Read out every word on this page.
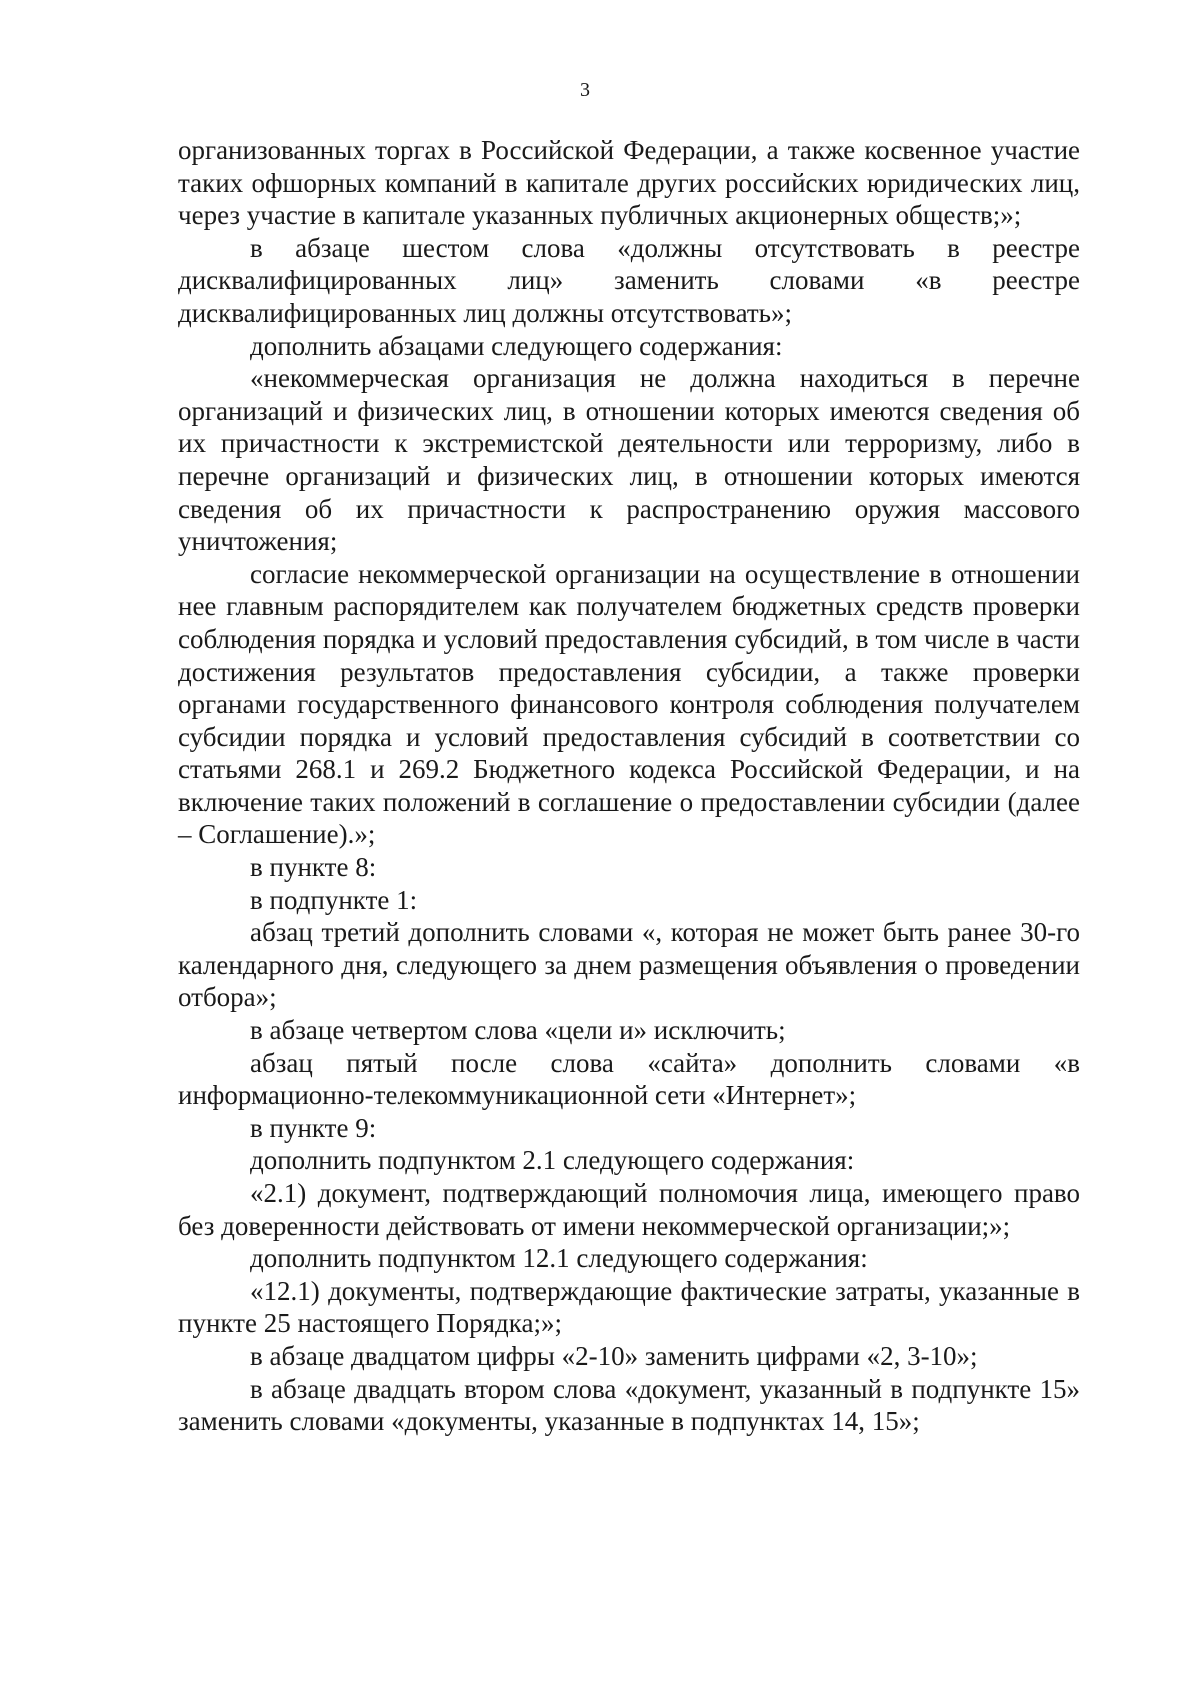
3

организованных торгах в Российской Федерации, а также косвенное участие таких офшорных компаний в капитале других российских юридических лиц, через участие в капитале указанных публичных акционерных обществ;»;

в абзаце шестом слова «должны отсутствовать в реестре дисквалифицированных лиц» заменить словами «в реестре дисквалифицированных лиц должны отсутствовать»;

дополнить абзацами следующего содержания:

«некоммерческая организация не должна находиться в перечне организаций и физических лиц, в отношении которых имеются сведения об их причастности к экстремистской деятельности или терроризму, либо в перечне организаций и физических лиц, в отношении которых имеются сведения об их причастности к распространению оружия массового уничтожения;

согласие некоммерческой организации на осуществление в отношении нее главным распорядителем как получателем бюджетных средств проверки соблюдения порядка и условий предоставления субсидий, в том числе в части достижения результатов предоставления субсидии, а также проверки органами государственного финансового контроля соблюдения получателем субсидии порядка и условий предоставления субсидий в соответствии со статьями 268.1 и 269.2 Бюджетного кодекса Российской Федерации, и на включение таких положений в соглашение о предоставлении субсидии (далее – Соглашение).»;

в пункте 8:

в подпункте 1:

абзац третий дополнить словами «, которая не может быть ранее 30-го календарного дня, следующего за днем размещения объявления о проведении отбора»;

в абзаце четвертом слова «цели и» исключить;

абзац пятый после слова «сайта» дополнить словами «в информационно-телекоммуникационной сети «Интернет»;

в пункте 9:

дополнить подпунктом 2.1 следующего содержания:

«2.1) документ, подтверждающий полномочия лица, имеющего право без доверенности действовать от имени некоммерческой организации;»;

дополнить подпунктом 12.1 следующего содержания:

«12.1) документы, подтверждающие фактические затраты, указанные в пункте 25 настоящего Порядка;»;

в абзаце двадцатом цифры «2-10» заменить цифрами «2, 3-10»;

в абзаце двадцать втором слова «документ, указанный в подпункте 15» заменить словами «документы, указанные в подпунктах 14, 15»;
